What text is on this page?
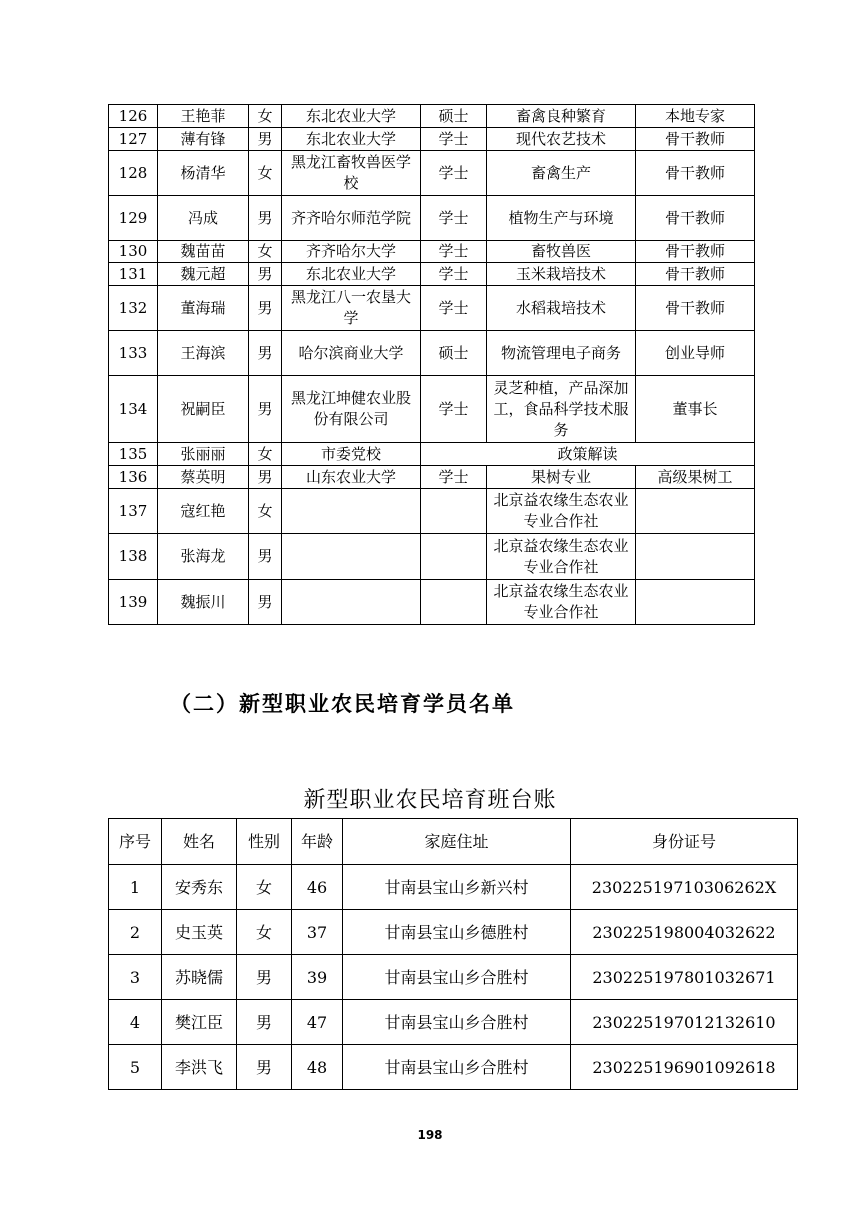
126	王艳菲	女	东北农业大学	硕士	畜禽良种繁育	本地专家
127	薄有锋	男	东北农业大学	学士	现代农艺技术	骨干教师
128	杨清华	女	黑龙江畜牧兽医学校	学士	畜禽生产	骨干教师
129	冯成	男	齐齐哈尔师范学院	学士	植物生产与环境	骨干教师
130	魏苗苗	女	齐齐哈尔大学	学士	畜牧兽医	骨干教师
131	魏元超	男	东北农业大学	学士	玉米栽培技术	骨干教师
132	董海瑞	男	黑龙江八一农垦大学	学士	水稻栽培技术	骨干教师
133	王海滨	男	哈尔滨商业大学	硕士	物流管理电子商务	创业导师
134	祝嗣臣	男	黑龙江坤健农业股份有限公司	学士	灵芝种植，产品深加工，食品科学技术服务	董事长
135	张丽丽	女	市委党校	政策解读		
136	蔡英明	男	山东农业大学	学士	果树专业	高级果树工
137	寇红艳	女			北京益农缘生态农业专业合作社	
138	张海龙	男			北京益农缘生态农业专业合作社	
139	魏振川	男			北京益农缘生态农业专业合作社	
（二）新型职业农民培育学员名单
新型职业农民培育班台账
序号	姓名	性别	年龄	家庭住址	身份证号
1	安秀东	女	46	甘南县宝山乡新兴村	23022519710306262X
2	史玉英	女	37	甘南县宝山乡德胜村	230225198004032622
3	苏晓儒	男	39	甘南县宝山乡合胜村	230225197801032671
4	樊江臣	男	47	甘南县宝山乡合胜村	230225197012132610
5	李洪飞	男	48	甘南县宝山乡合胜村	230225196901092618
198
